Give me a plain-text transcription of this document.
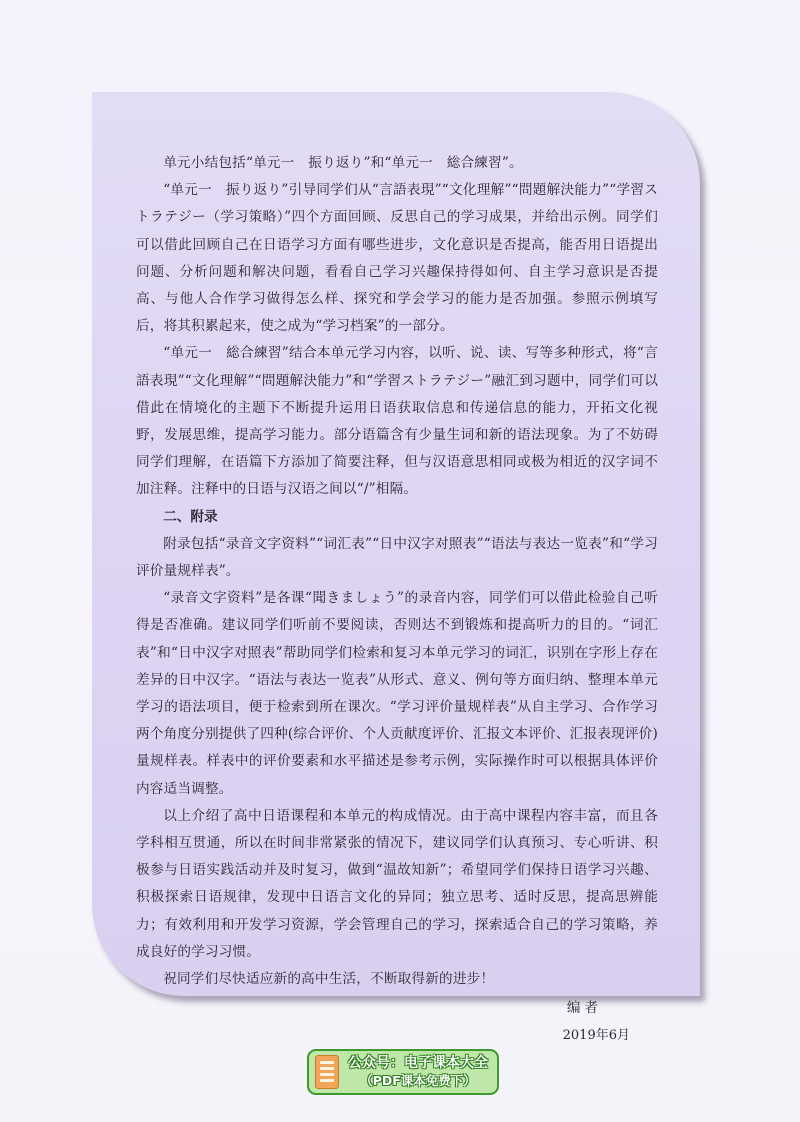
单元小结包括“单元一　振り返り”和“单元一　総合練習”。

“单元一　振り返り”引导同学们从“言語表現”“文化理解”“問題解決能力”“学習ストラテジー（学习策略）”四个方面回顾、反思自己的学习成果，并给出示例。同学们可以借此回顾自己在日语学习方面有哪些进步，文化意识是否提高，能否用日语提出问题、分析问题和解决问题，看看自己学习兴趣保持得如何、自主学习意识是否提高、与他人合作学习做得怎么样、探究和学会学习的能力是否加强。参照示例填写后，将其积累起来，使之成为“学习档案”的一部分。

“单元一　総合練習”结合本单元学习内容，以听、说、读、写等多种形式，将“言語表現”“文化理解”“問題解決能力”和“学習ストラテジー”融汇到习题中，同学们可以借此在情境化的主题下不断提升运用日语获取信息和传递信息的能力，开拓文化视野，发展思维，提高学习能力。部分语篇含有少量生词和新的语法现象。为了不妨碍同学们理解，在语篇下方添加了简要注释，但与汉语意思相同或极为相近的汉字词不加注释。注释中的日语与汉语之间以“/”相隔。

二、附录

附录包括“录音文字资料”“词汇表”“日中汉字对照表”“语法与表达一览表”和“学习评价量规样表”。

“录音文字资料”是各课“聞きましょう”的录音内容，同学们可以借此检验自己听得是否准确。建议同学们听前不要阅读，否则达不到锻炼和提高听力的目的。“词汇表”和“日中汉字对照表”帮助同学们检索和复习本单元学习的词汇，识别在字形上存在差异的日中汉字。“语法与表达一览表”从形式、意义、例句等方面归纳、整理本单元学习的语法项目，便于检索到所在课次。“学习评价量规样表”从自主学习、合作学习两个角度分别提供了四种(综合评价、个人贡献度评价、汇报文本评价、汇报表现评价)量规样表。样表中的评价要素和水平描述是参考示例，实际操作时可以根据具体评价内容适当调整。

以上介绍了高中日语课程和本单元的构成情况。由于高中课程内容丰富，而且各学科相互贯通，所以在时间非常紧张的情况下，建议同学们认真预习、专心听讲、积极参与日语实践活动并及时复习，做到“温故知新”；希望同学们保持日语学习兴趣、积极探索日语规律，发现中日语言文化的异同；独立思考、适时反思，提高思辨能力；有效利用和开发学习资源，学会管理自己的学习，探索适合自己的学习策略，养成良好的学习习惯。

祝同学们尽快适应新的高中生活，不断取得新的进步！

编者

2019年6月

公众号：电子课本大全
（PDF课本免费下）
